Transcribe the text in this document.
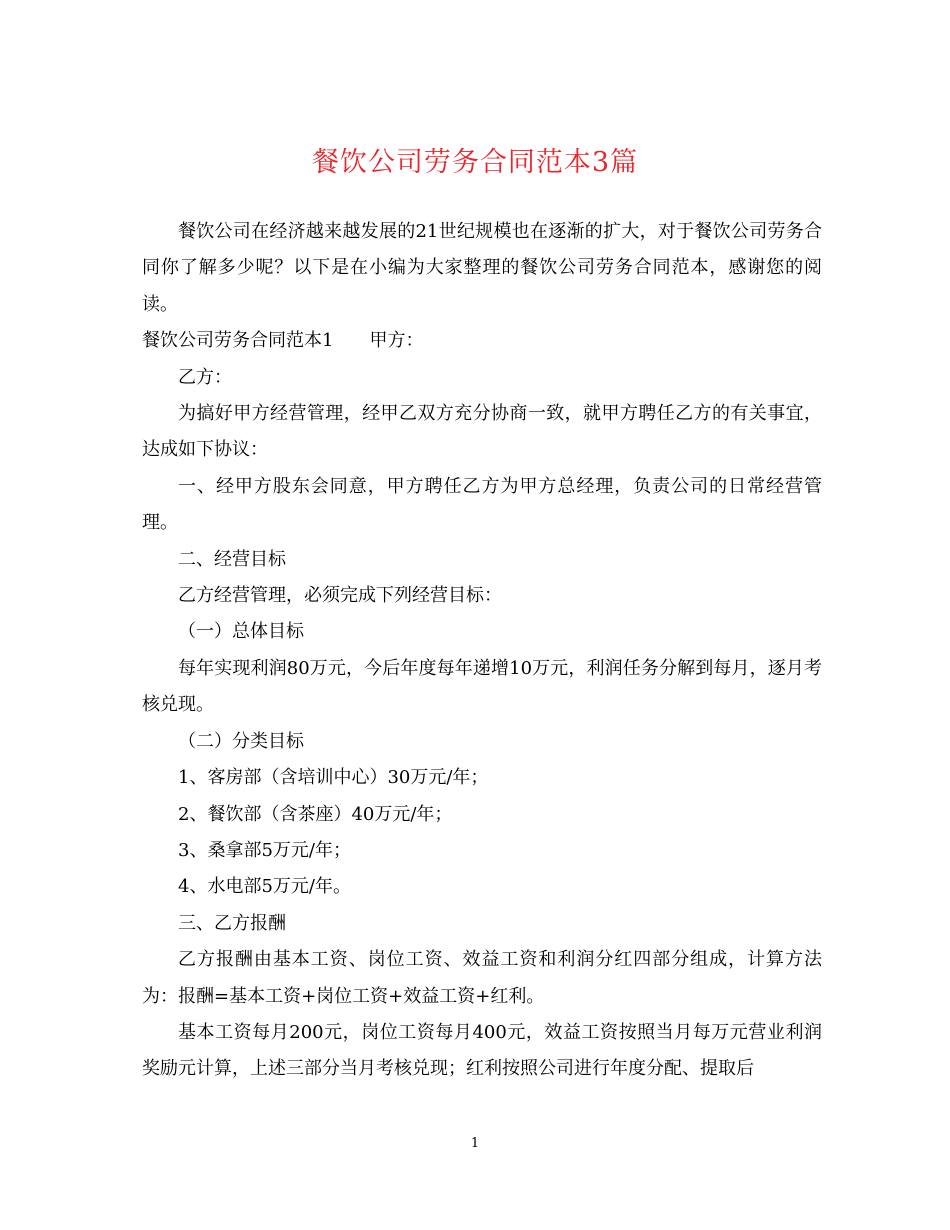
餐饮公司劳务合同范本3篇

餐饮公司在经济越来越发展的21世纪规模也在逐渐的扩大，对于餐饮公司劳务合同你了解多少呢？以下是在小编为大家整理的餐饮公司劳务合同范本，感谢您的阅读。

餐饮公司劳务合同范本1 甲方：

乙方：

为搞好甲方经营管理，经甲乙双方充分协商一致，就甲方聘任乙方的有关事宜，达成如下协议：

一、经甲方股东会同意，甲方聘任乙方为甲方总经理，负责公司的日常经营管理。

二、经营目标

乙方经营管理，必须完成下列经营目标：

（一）总体目标

每年实现利润80万元，今后年度每年递增10万元，利润任务分解到每月，逐月考核兑现。

（二）分类目标

1、客房部（含培训中心）30万元/年；

2、餐饮部（含茶座）40万元/年；

3、桑拿部5万元/年；

4、水电部5万元/年。

三、乙方报酬

乙方报酬由基本工资、岗位工资、效益工资和利润分红四部分组成，计算方法为：报酬=基本工资+岗位工资+效益工资+红利。

基本工资每月200元，岗位工资每月400元，效益工资按照当月每万元营业利润奖励元计算，上述三部分当月考核兑现；红利按照公司进行年度分配、提取后

1
